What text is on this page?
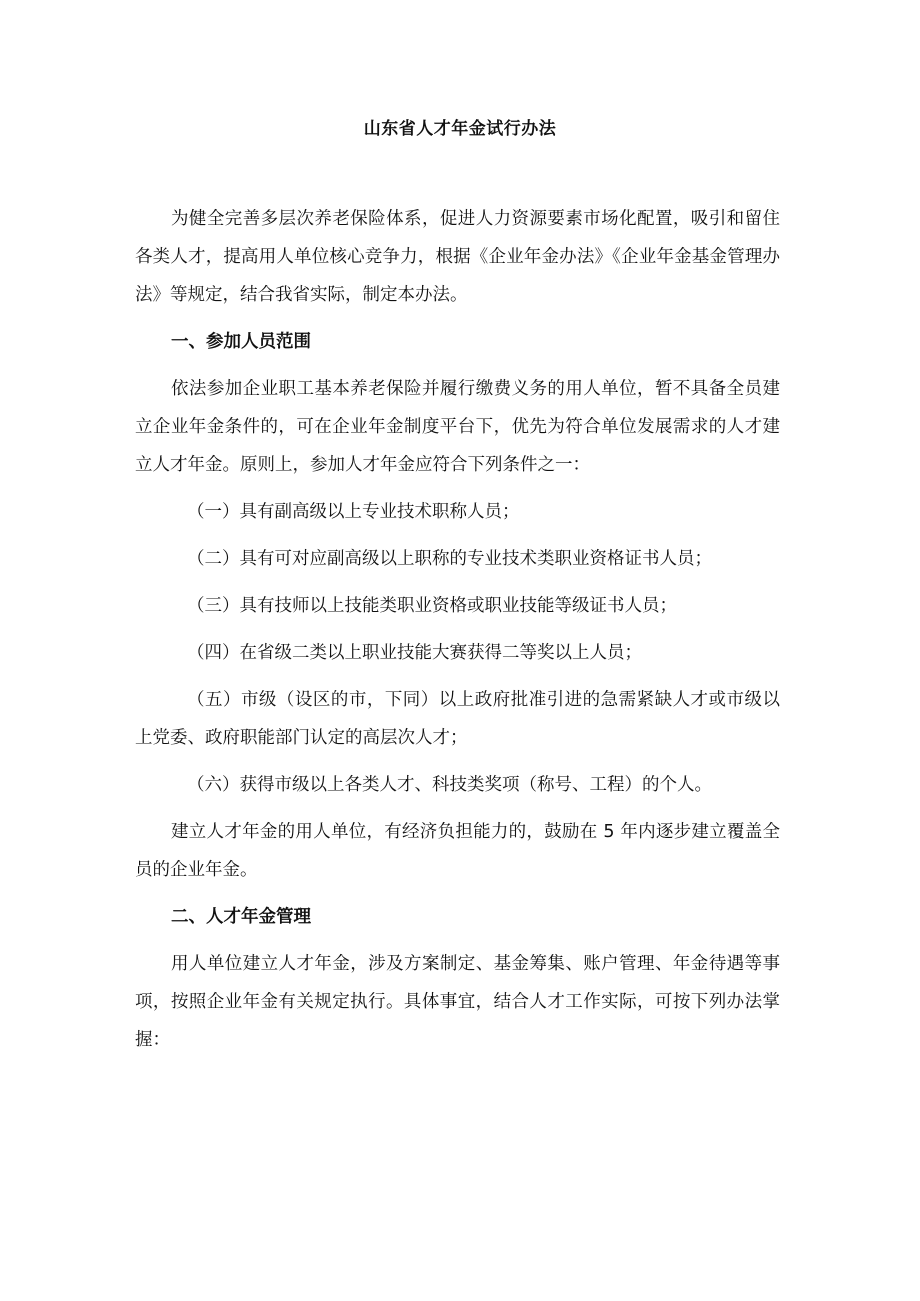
山东省人才年金试行办法

为健全完善多层次养老保险体系，促进人力资源要素市场化配置，吸引和留住各类人才，提高用人单位核心竞争力，根据《企业年金办法》《企业年金基金管理办法》等规定，结合我省实际，制定本办法。

一、参加人员范围

依法参加企业职工基本养老保险并履行缴费义务的用人单位，暂不具备全员建立企业年金条件的，可在企业年金制度平台下，优先为符合单位发展需求的人才建立人才年金。原则上，参加人才年金应符合下列条件之一：

（一）具有副高级以上专业技术职称人员；

（二）具有可对应副高级以上职称的专业技术类职业资格证书人员；

（三）具有技师以上技能类职业资格或职业技能等级证书人员；

（四）在省级二类以上职业技能大赛获得二等奖以上人员；

（五）市级（设区的市，下同）以上政府批准引进的急需紧缺人才或市级以上党委、政府职能部门认定的高层次人才；

（六）获得市级以上各类人才、科技类奖项（称号、工程）的个人。

建立人才年金的用人单位，有经济负担能力的，鼓励在 5 年内逐步建立覆盖全员的企业年金。

二、人才年金管理

用人单位建立人才年金，涉及方案制定、基金筹集、账户管理、年金待遇等事项，按照企业年金有关规定执行。具体事宜，结合人才工作实际，可按下列办法掌握：
